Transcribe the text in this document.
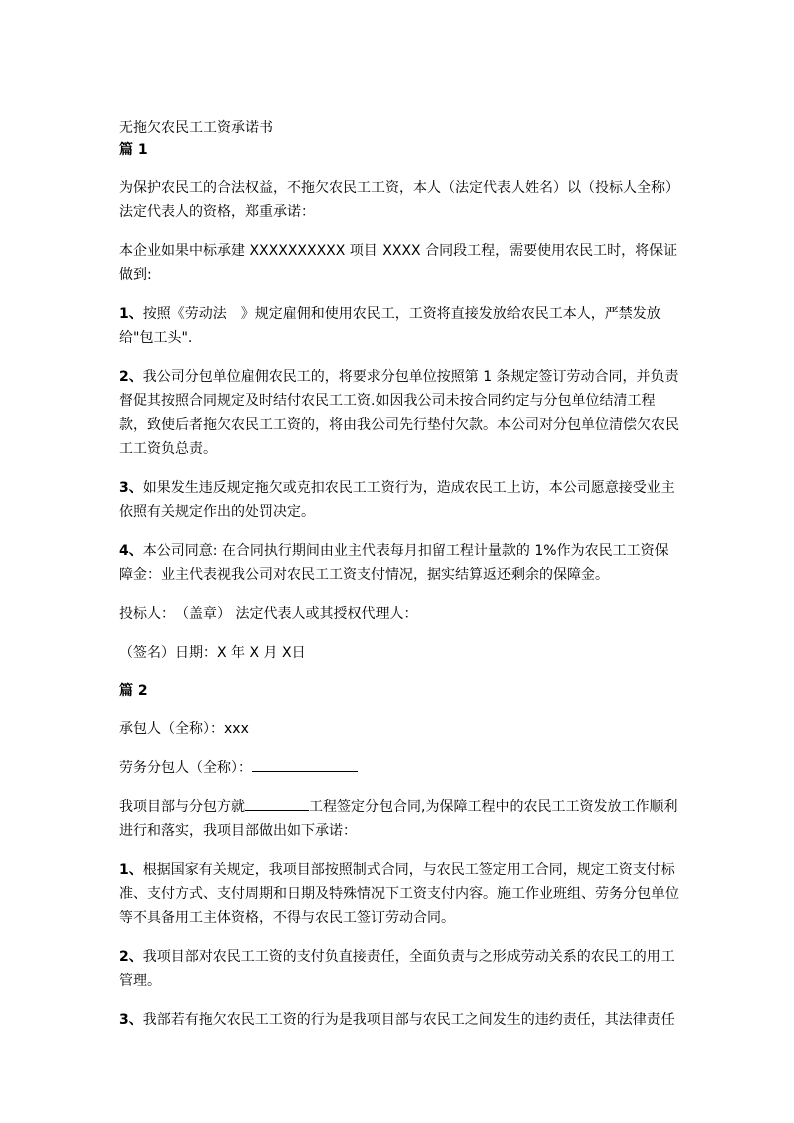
无拖欠农民工工资承诺书

篇 1

为保护农民工的合法权益，不拖欠农民工工资，本人（法定代表人姓名）以（投标人全称）法定代表人的资格，郑重承诺：

本企业如果中标承建 XXXXXXXXXX 项目 XXXX 合同段工程，需要使用农民工时，将保证做到:

1、按照《劳动法　》规定雇佣和使用农民工，工资将直接发放给农民工本人，严禁发放给"包工头".

2、我公司分包单位雇佣农民工的，将要求分包单位按照第 1 条规定签订劳动合同，并负责督促其按照合同规定及时结付农民工工资.如因我公司未按合同约定与分包单位结清工程款，致使后者拖欠农民工工资的，将由我公司先行垫付欠款。本公司对分包单位清偿欠农民工工资负总责。

3、如果发生违反规定拖欠或克扣农民工工资行为，造成农民工上访，本公司愿意接受业主依照有关规定作出的处罚决定。

4、本公司同意: 在合同执行期间由业主代表每月扣留工程计量款的 1%作为农民工工资保障金：业主代表视我公司对农民工工资支付情况，据实结算返还剩余的保障金。

投标人：　（盖章） 法定代表人或其授权代理人：

（签名）日期：X 年 X 月 X日

篇 2

承包人（全称）：xxx

劳务分包人（全称）：

我项目部与分包方就	工程签定分包合同,为保障工程中的农民工工资发放工作顺利进行和落实，我项目部做出如下承诺：

1、根据国家有关规定，我项目部按照制式合同，与农民工签定用工合同，规定工资支付标准、支付方式、支付周期和日期及特殊情况下工资支付内容。施工作业班组、劳务分包单位等不具备用工主体资格，不得与农民工签订劳动合同。

2、我项目部对农民工工资的支付负直接责任，全面负责与之形成劳动关系的农民工的用工管理。

3、我部若有拖欠农民工工资的行为是我项目部与农民工之间发生的违约责任，其法律责任
